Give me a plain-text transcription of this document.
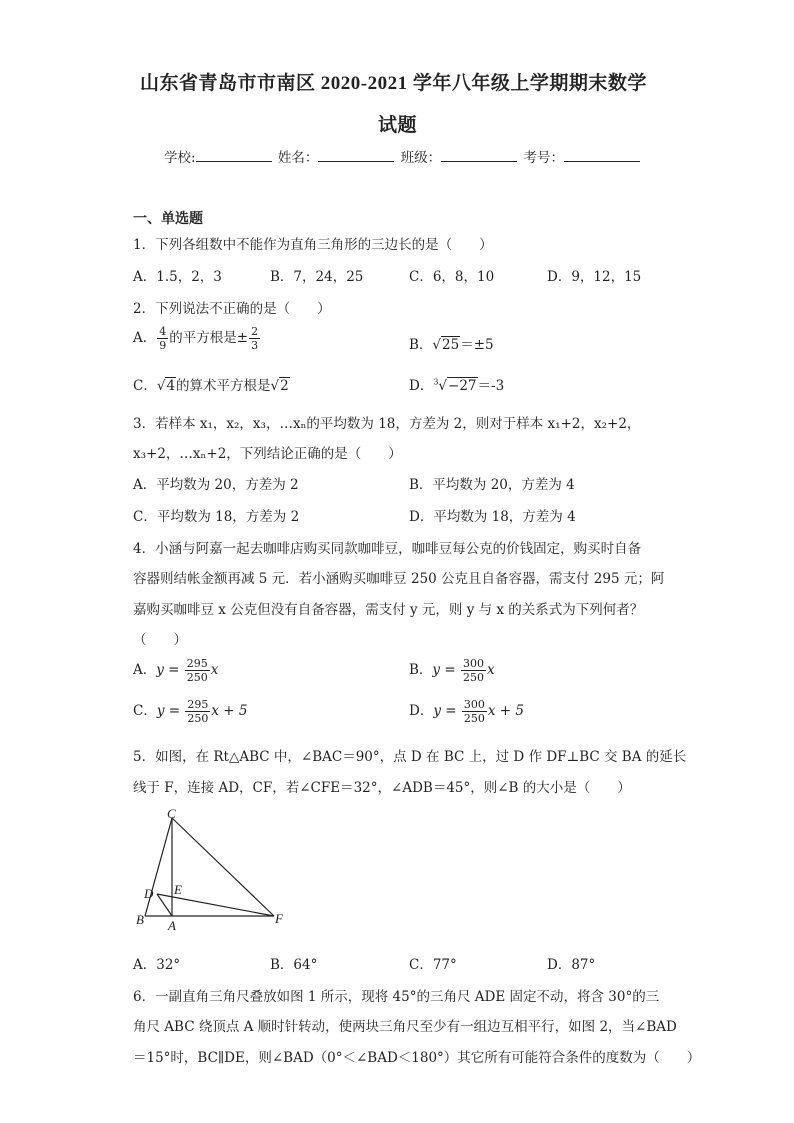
山东省青岛市市南区 2020-2021 学年八年级上学期期末数学
试题
学校:	姓名：	班级：	考号：
一、单选题
1．下列各组数中不能作为直角三角形的三边长的是（　　）
A．1.5，2，3	B．7，24，25	C．6，8，10	D．9，12，15
2．下列说法不正确的是（　　）
A． $\frac{4}{9}$ 的平方根是± $\frac{2}{3}$	B．√25＝±5
C．√4的算术平方根是√2	D．$^3$√−27＝-3
3．若样本 x₁，x₂，x₃，…xₙ的平均数为 18，方差为 2，则对于样本 x₁+2，x₂+2，
x₃+2，…xₙ+2，下列结论正确的是（　　）
A．平均数为 20，方差为 2	B．平均数为 20，方差为 4
C．平均数为 18，方差为 2	D．平均数为 18，方差为 4
4．小涵与阿嘉一起去咖啡店购买同款咖啡豆，咖啡豆每公克的价钱固定，购买时自备
容器则结帐金额再减 5 元．若小涵购买咖啡豆 250 公克且自备容器，需支付 295 元；阿
嘉购买咖啡豆 x 公克但没有自备容器，需支付 y 元，则 y 与 x 的关系式为下列何者？
（　　）
A．$y = \frac{295}{250}$ x	B．$y = \frac{300}{250}$ x
C．$y = \frac{295}{250}$ x + 5	D．$y = \frac{300}{250}$ x + 5
5．如图，在 Rt△ABC 中，∠BAC＝90°，点 D 在 BC 上，过 D 作 DF⊥BC 交 BA 的延长
线于 F，连接 AD，CF，若∠CFE＝32°，∠ADB＝45°，则∠B 的大小是（　　）
C
D E
B A	F
A．32°	B．64°	C．77°	D．87°
6．一副直角三角尺叠放如图 1 所示，现将 45°的三角尺 ADE 固定不动，将含 30°的三
角尺 ABC 绕顶点 A 顺时针转动，使两块三角尺至少有一组边互相平行，如图 2，当∠BAD
＝15°时，BC∥DE，则∠BAD（0°＜∠BAD＜180°）其它所有可能符合条件的度数为（　　）
